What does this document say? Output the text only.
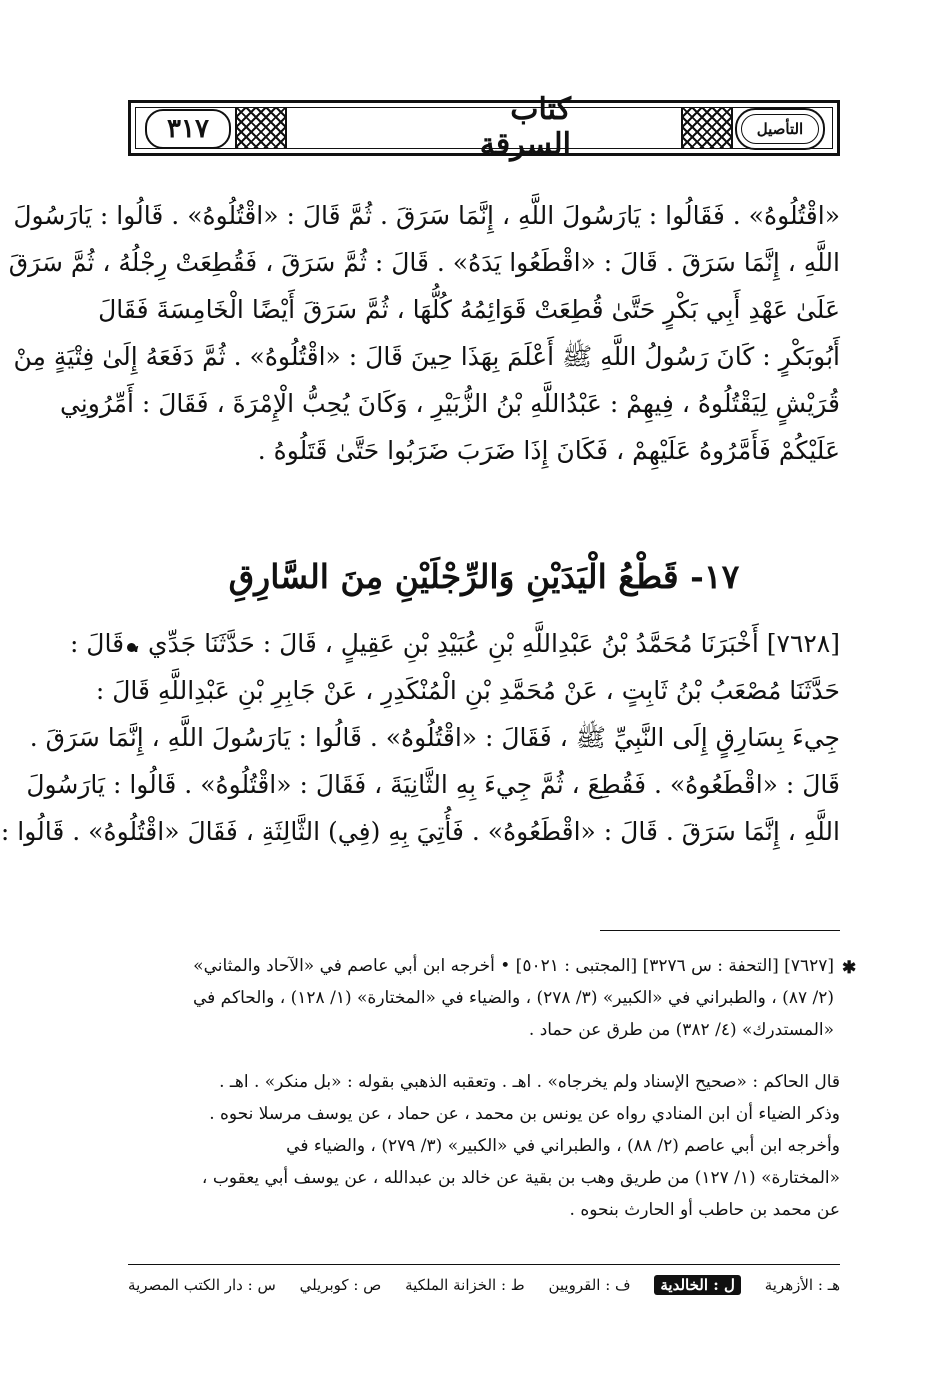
٣١٧
كتاب السرقة	التأصيل
«اقْتُلُوهُ» . فَقَالُوا : يَارَسُولَ اللَّهِ ، إِنَّمَا سَرَقَ . ثُمَّ قَالَ : «اقْتُلُوهُ» . قَالُوا : يَارَسُولَ
اللَّهِ ، إِنَّمَا سَرَقَ . قَالَ : «اقْطَعُوا يَدَهُ» . قَالَ : ثُمَّ سَرَقَ ، فَقُطِعَتْ رِجْلُهُ ، ثُمَّ سَرَقَ
عَلَىٰ عَهْدِ أَبِي بَكْرٍ حَتَّىٰ قُطِعَتْ قَوَائِمُهُ كُلُّهَا ، ثُمَّ سَرَقَ أَيْضًا الْخَامِسَةَ فَقَالَ
أَبُوبَكْرٍ : كَانَ رَسُولُ اللَّهِ ﷺ أَعْلَمَ بِهَذَا حِينَ قَالَ : «اقْتُلُوهُ» . ثُمَّ دَفَعَهُ إِلَىٰ فِتْيَةٍ مِنْ
قُرَيْشٍ لِيَقْتُلُوهُ ، فِيهِمْ : عَبْدُاللَّهِ بْنُ الزُّبَيْرِ ، وَكَانَ يُحِبُّ الْإِمْرَةَ ، فَقَالَ : أَمِّرُونِي
عَلَيْكُمْ فَأَمَّرُوهُ عَلَيْهِمْ ، فَكَانَ إِذَا ضَرَبَ ضَرَبُوا حَتَّىٰ قَتَلُوهُ .
١٧- قَطْعُ الْيَدَيْنِ وَالرِّجْلَيْنِ مِنَ السَّارِقِ
[٧٦٢٨] أَخْبَرَنَا مُحَمَّدُ بْنُ عَبْدِاللَّهِ بْنِ عُبَيْدِ بْنِ عَقِيلٍ ، قَالَ : حَدَّثَنَا جَدِّي ، قَالَ :
حَدَّثَنَا مُصْعَبُ بْنُ ثَابِتٍ ، عَنْ مُحَمَّدِ بْنِ الْمُنْكَدِرِ ، عَنْ جَابِرِ بْنِ عَبْدِاللَّهِ قَالَ :
جِيءَ بِسَارِقٍ إِلَى النَّبِيِّ ﷺ ، فَقَالَ : «اقْتُلُوهُ» . قَالُوا : يَارَسُولَ اللَّهِ ، إِنَّمَا سَرَقَ .
قَالَ : «اقْطَعُوهُ» . فَقُطِعَ ، ثُمَّ جِيءَ بِهِ الثَّانِيَةَ ، فَقَالَ : «اقْتُلُوهُ» . قَالُوا : يَارَسُولَ
اللَّهِ ، إِنَّمَا سَرَقَ . قَالَ : «اقْطَعُوهُ» . فَأُتِيَ بِهِ (فِي) الثَّالِثَةِ ، فَقَالَ «اقْتُلُوهُ» . قَالُوا :
✱
[٧٦٢٧] [التحفة : س ٣٢٧٦] [المجتبى : ٥٠٢١] • أخرجه ابن أبي عاصم في «الآحاد والمثاني»
(٢/ ٨٧) ، والطبراني في «الكبير» (٣/ ٢٧٨) ، والضياء في «المختارة» (١/ ١٢٨) ، والحاكم في
«المستدرك» (٤/ ٣٨٢) من طرق عن حماد .
قال الحاكم : «صحيح الإسناد ولم يخرجاه» . اهـ . وتعقبه الذهبي بقوله : «بل منكر» . اهـ .
وذكر الضياء أن ابن المنادي رواه عن يونس بن محمد ، عن حماد ، عن يوسف مرسلا نحوه .
وأخرجه ابن أبي عاصم (٢/ ٨٨) ، والطبراني في «الكبير» (٣/ ٢٧٩) ، والضياء في
«المختارة» (١/ ١٢٧) من طريق وهب بن بقية عن خالد بن عبدالله ، عن يوسف أبي يعقوب ،
عن محمد بن حاطب أو الحارث بنحوه .
س : دار الكتب المصرية ص : كوبريلي ط : الخزانة الملكية ف : القرويين	ل : الخالدية	هـ : الأزهرية
